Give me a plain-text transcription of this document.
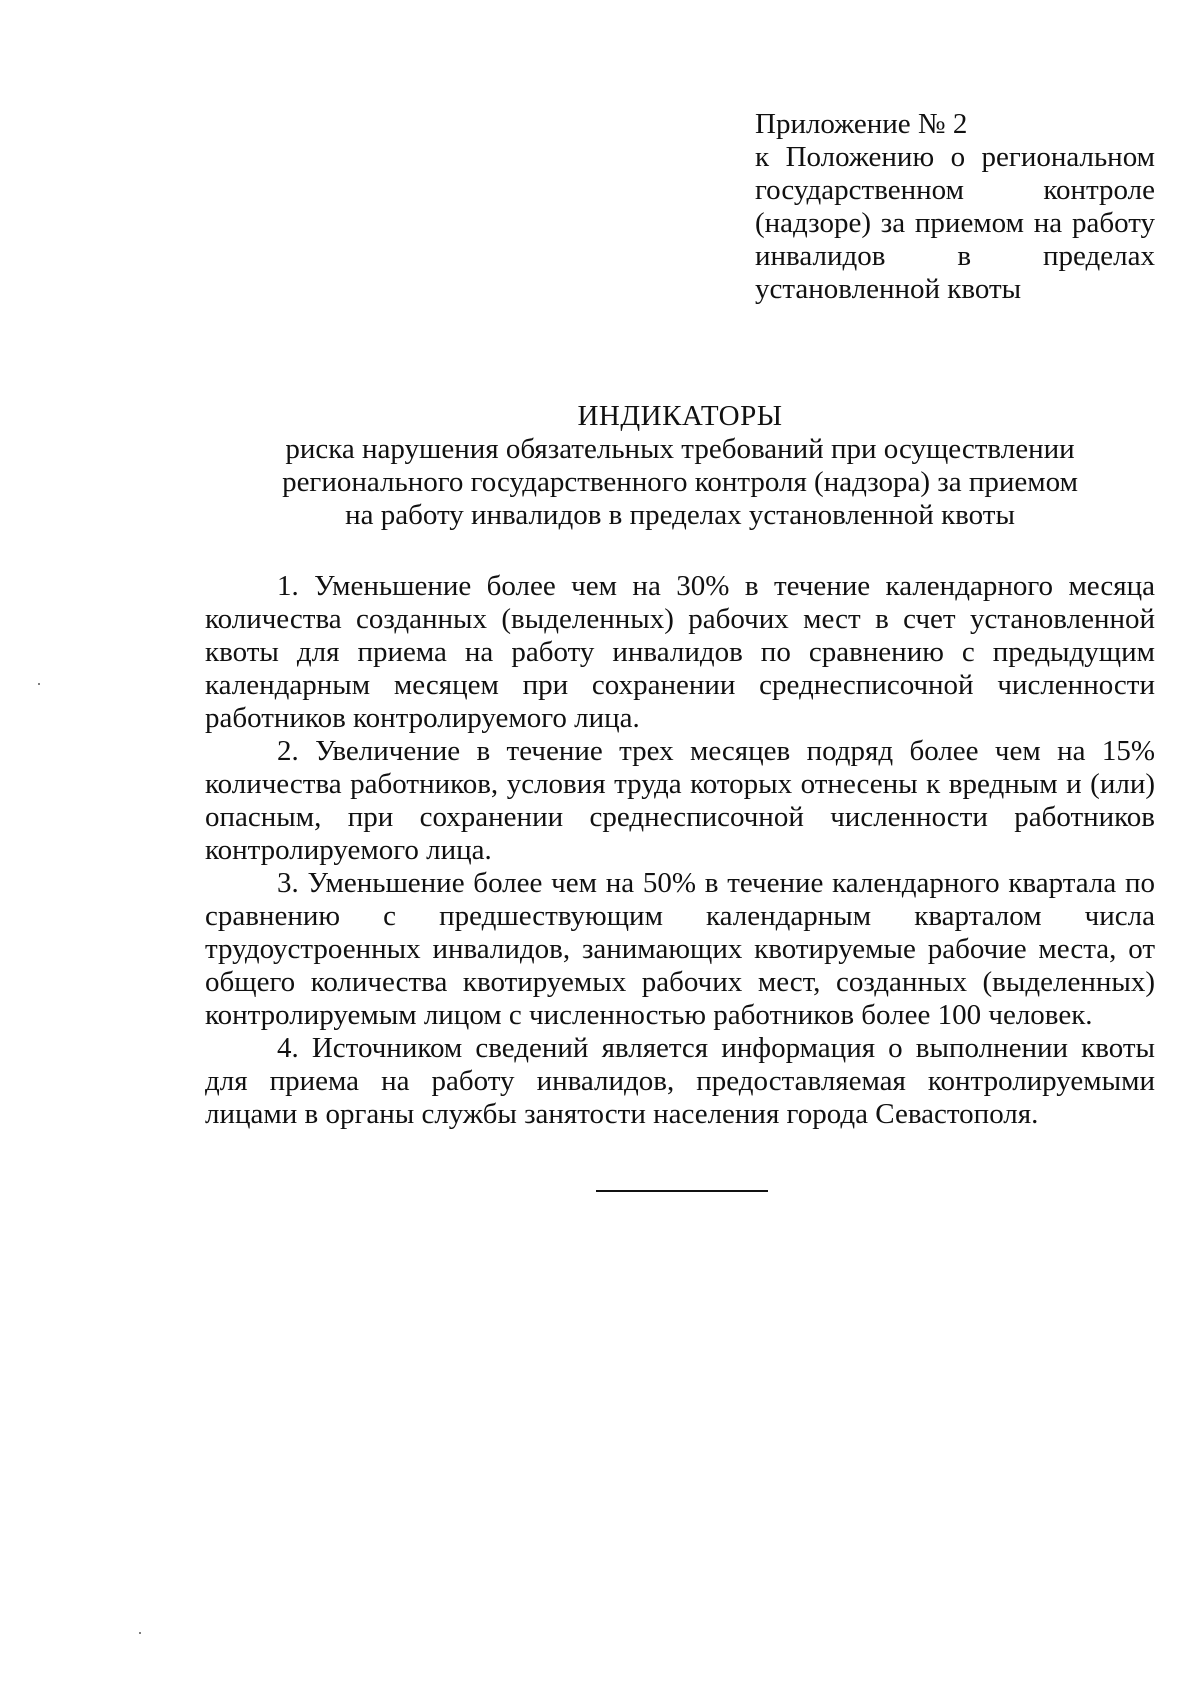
Приложение № 2
к Положению о региональном
государственном контроле
(надзоре) за приемом на работу
инвалидов в пределах
установленной квоты
ИНДИКАТОРЫ
риска нарушения обязательных требований при осуществлении
регионального государственного контроля (надзора) за приемом
на работу инвалидов в пределах установленной квоты

1. Уменьшение более чем на 30% в течение календарного месяца количества созданных (выделенных) рабочих мест в счет установленной квоты для приема на работу инвалидов по сравнению с предыдущим календарным месяцем при сохранении среднесписочной численности работников контролируемого лица.

2. Увеличение в течение трех месяцев подряд более чем на 15% количества работников, условия труда которых отнесены к вредным и (или) опасным, при сохранении среднесписочной численности работников контролируемого лица.

3. Уменьшение более чем на 50% в течение календарного квартала по сравнению с предшествующим календарным кварталом числа трудоустроенных инвалидов, занимающих квотируемые рабочие места, от общего количества квотируемых рабочих мест, созданных (выделенных) контролируемым лицом с численностью работников более 100 человек.

4. Источником сведений является информация о выполнении квоты для приема на работу инвалидов, предоставляемая контролируемыми лицами в органы службы занятости населения города Севастополя.
